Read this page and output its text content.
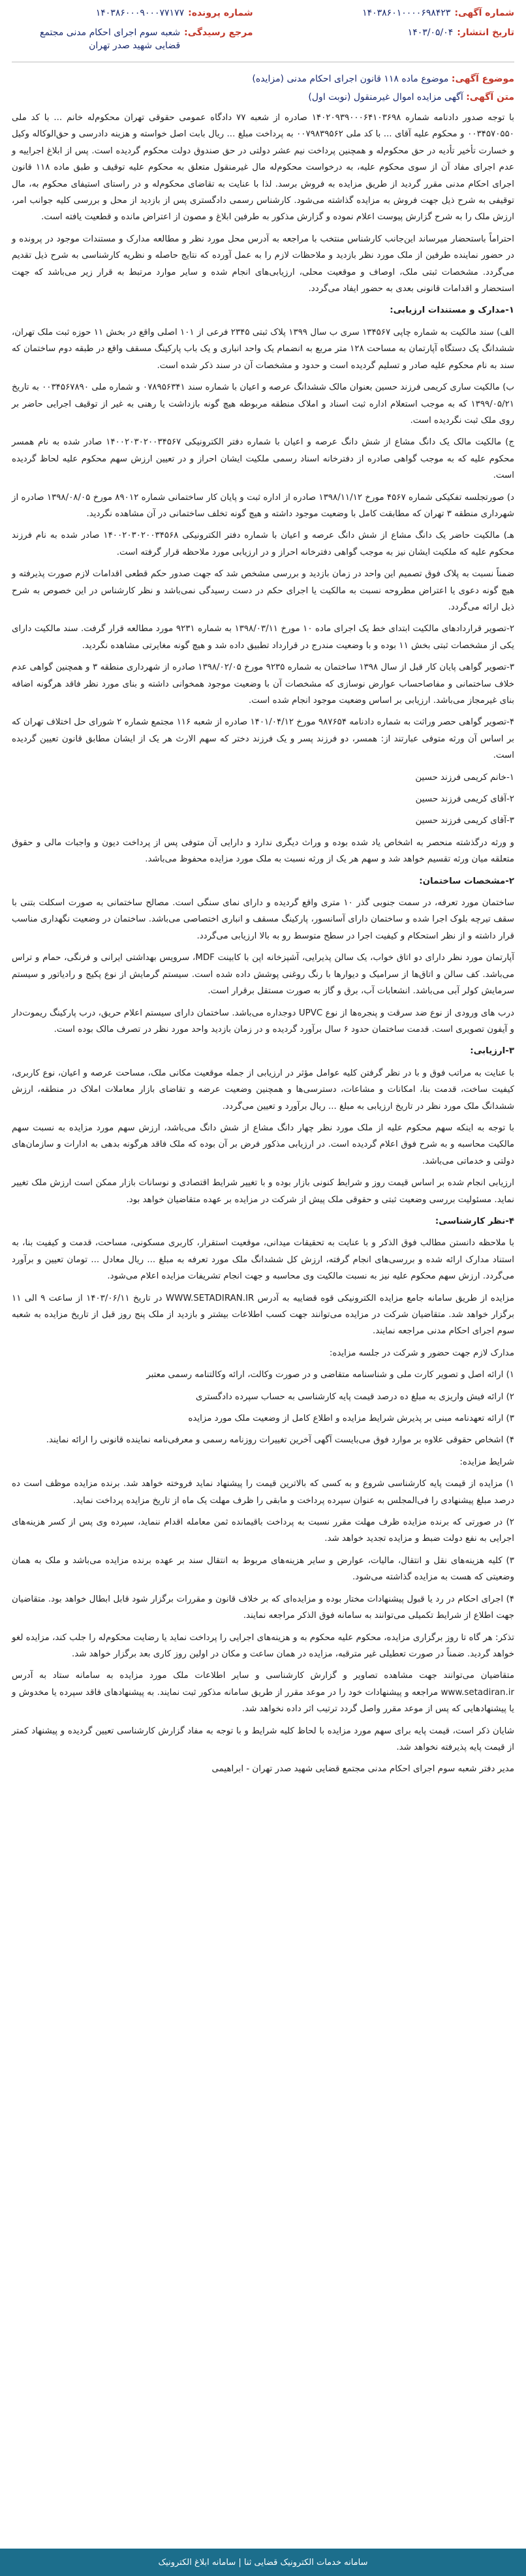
شماره آگهی:
۱۴۰۳۸۶۰۱۰۰۰۰۶۹۸۴۲۳
تاریخ انتشار:
۱۴۰۳/۰۵/۰۴
شماره پرونده:
۱۴۰۳۸۶۰۰۰۹۰۰۰۷۷۱۷۷
مرجع رسیدگی:
شعبه سوم اجرای احکام مدنی مجتمع قضایی شهید صدر تهران
موضوع آگهی: موضوع ماده ۱۱۸ قانون اجرای احکام مدنی (مزایده)
متن آگهی: آگهی مزایده اموال غیرمنقول (نوبت اول)

با توجه صدور دادنامه شماره ۱۴۰۲۰۹۳۹۰۰۰۶۴۱۰۳۶۹۸ صادره از شعبه ۷۷ دادگاه عمومی حقوقی تهران محکوم‌له خانم ... با کد ملی ۰۰۳۴۵۷۰۵۵۰ و محکوم علیه آقای ... با کد ملی ۰۰۷۹۸۳۹۵۶۲ به پرداخت مبلغ ... ریال بابت اصل خواسته و هزینه دادرسی و حق‌الوکاله وکیل و خسارت تأخیر تأدیه در حق محکوم‌له و همچنین پرداخت نیم عشر دولتی در حق صندوق دولت محکوم گردیده است. پس از ابلاغ اجراییه و عدم اجرای مفاد آن از سوی محکوم علیه، به درخواست محکوم‌له مال غیرمنقول متعلق به محکوم علیه توقیف و طبق ماده ۱۱۸ قانون اجرای احکام مدنی مقرر گردید از طریق مزایده به فروش برسد. لذا با عنایت به تقاضای محکوم‌له و در راستای استیفای محکوم به، مال توقیفی به شرح ذیل جهت فروش به مزایده گذاشته می‌شود. کارشناس رسمی دادگستری پس از بازدید از محل و بررسی کلیه جوانب امر، ارزش ملک را به شرح گزارش پیوست اعلام نموده و گزارش مذکور به طرفین ابلاغ و مصون از اعتراض مانده و قطعیت یافته است.

احتراماً باستحضار میرساند این‌جانب کارشناس منتخب با مراجعه به آدرس محل مورد نظر و مطالعه مدارک و مستندات موجود در پرونده و در حضور نماینده طرفین از ملک مورد نظر بازدید و ملاحظات لازم را به عمل آورده که نتایج حاصله و نظریه کارشناسی به شرح ذیل تقدیم می‌گردد. مشخصات ثبتی ملک، اوصاف و موقعیت محلی، ارزیابی‌های انجام شده و سایر موارد مرتبط به قرار زیر می‌باشد که جهت استحضار و اقدامات قانونی بعدی به حضور ایفاد می‌گردد.

۱-مدارک و مستندات ارزیابی:

الف) سند مالکیت به شماره چاپی ۱۳۴۵۶۷ سری ب سال ۱۳۹۹ پلاک ثبتی ۲۳۴۵ فرعی از ۱۰۱ اصلی واقع در بخش ۱۱ حوزه ثبت ملک تهران، ششدانگ یک دستگاه آپارتمان به مساحت ۱۲۸ متر مربع به انضمام یک واحد انباری و یک باب پارکینگ مسقف واقع در طبقه دوم ساختمان که سند به نام محکوم علیه صادر و تسلیم گردیده است و حدود و مشخصات آن در سند ذکر شده است.

ب) مالکیت ساری کریمی فرزند حسین بعنوان مالک ششدانگ عرصه و اعیان با شماره سند ۰۷۸۹۵۶۳۴۱ و شماره ملی ۰۰۳۴۵۶۷۸۹۰ به تاریخ ۱۳۹۹/۰۵/۲۱ که به موجب استعلام اداره ثبت اسناد و املاک منطقه مربوطه هیچ گونه بازداشت یا رهنی به غیر از توقیف اجرایی حاضر بر روی ملک ثبت نگردیده است.

ج) مالکیت مالک یک دانگ مشاع از شش دانگ عرصه و اعیان با شماره دفتر الکترونیکی ۱۴۰۰۲۰۳۰۲۰۰۳۴۵۶۷ صادر شده به نام همسر محکوم علیه که به موجب گواهی صادره از دفترخانه اسناد رسمی ملکیت ایشان احراز و در تعیین ارزش سهم محکوم علیه لحاظ گردیده است.

د) صورتجلسه تفکیکی شماره ۴۵۶۷ مورخ ۱۳۹۸/۱۱/۱۲ صادره از اداره ثبت و پایان کار ساختمانی شماره ۸۹۰۱۲ مورخ ۱۳۹۸/۰۸/۰۵ صادره از شهرداری منطقه ۳ تهران که مطابقت کامل با وضعیت موجود داشته و هیچ گونه تخلف ساختمانی در آن مشاهده نگردید.

هـ) مالکیت حاضر یک دانگ مشاع از شش دانگ عرصه و اعیان با شماره دفتر الکترونیکی ۱۴۰۰۲۰۳۰۲۰۰۳۴۵۶۸ صادر شده به نام فرزند محکوم علیه که ملکیت ایشان نیز به موجب گواهی دفترخانه احراز و در ارزیابی مورد ملاحظه قرار گرفته است.

ضمناً نسبت به پلاک فوق تصمیم این واحد در زمان بازدید و بررسی مشخص شد که جهت صدور حکم قطعی اقدامات لازم صورت پذیرفته و هیچ گونه دعوی یا اعتراض مطروحه نسبت به مالکیت یا اجرای حکم در دست رسیدگی نمی‌باشد و نظر کارشناس در این خصوص به شرح ذیل ارائه می‌گردد.

۲-تصویر قراردادهای مالکیت ابتدای خط یک اجرای ماده ۱۰ مورخ ۱۳۹۸/۰۳/۱۱ به شماره ۹۲۳۱ مورد مطالعه قرار گرفت. سند مالکیت دارای یکی از مشخصات ثبتی بخش ۱۱ بوده و با وضعیت مندرج در قرارداد تطبیق داده شد و هیچ گونه مغایرتی مشاهده نگردید.

۳-تصویر گواهی پایان کار قبل از سال ۱۳۹۸ ساختمان به شماره ۹۲۳۵ مورخ ۱۳۹۸/۰۲/۰۵ صادره از شهرداری منطقه ۳ و همچنین گواهی عدم خلاف ساختمانی و مفاصاحساب عوارض نوسازی که مشخصات آن با وضعیت موجود همخوانی داشته و بنای مورد نظر فاقد هرگونه اضافه بنای غیرمجاز می‌باشد. ارزیابی بر اساس وضعیت موجود انجام شده است.

۴-تصویر گواهی حصر وراثت به شماره دادنامه ۹۸۷۶۵۴ مورخ ۱۴۰۱/۰۴/۱۲ صادره از شعبه ۱۱۶ مجتمع شماره ۲ شورای حل اختلاف تهران که بر اساس آن ورثه متوفی عبارتند از: همسر، دو فرزند پسر و یک فرزند دختر که سهم الارث هر یک از ایشان مطابق قانون تعیین گردیده است.

۱-خانم کریمی فرزند حسین

۲-آقای کریمی فرزند حسین

۳-آقای کریمی فرزند حسین

و ورثه درگذشته منحصر به اشخاص یاد شده بوده و وراث دیگری ندارد و دارایی آن متوفی پس از پرداخت دیون و واجبات مالی و حقوق متعلقه میان ورثه تقسیم خواهد شد و سهم هر یک از ورثه نسبت به ملک مورد مزایده محفوظ می‌باشد.

۲-مشخصات ساختمان:

ساختمان مورد تعرفه، در سمت جنوبی گذر ۱۰ متری واقع گردیده و دارای نمای سنگی است. مصالح ساختمانی به صورت اسکلت بتنی با سقف تیرچه بلوک اجرا شده و ساختمان دارای آسانسور، پارکینگ مسقف و انباری اختصاصی می‌باشد. ساختمان در وضعیت نگهداری مناسب قرار داشته و از نظر استحکام و کیفیت اجرا در سطح متوسط رو به بالا ارزیابی می‌گردد.

آپارتمان مورد نظر دارای دو اتاق خواب، یک سالن پذیرایی، آشپزخانه اپن با کابینت MDF، سرویس بهداشتی ایرانی و فرنگی، حمام و تراس می‌باشد. کف سالن و اتاق‌ها از سرامیک و دیوارها با رنگ روغنی پوشش داده شده است. سیستم گرمایش از نوع پکیج و رادیاتور و سیستم سرمایش کولر آبی می‌باشد. انشعابات آب، برق و گاز به صورت مستقل برقرار است.

درب های ورودی از نوع ضد سرقت و پنجره‌ها از نوع UPVC دوجداره می‌باشد. ساختمان دارای سیستم اعلام حریق، درب پارکینگ ریموت‌دار و آیفون تصویری است. قدمت ساختمان حدود ۶ سال برآورد گردیده و در زمان بازدید واحد مورد نظر در تصرف مالک بوده است.

۳-ارزیابی:

با عنایت به مراتب فوق و با در نظر گرفتن کلیه عوامل مؤثر در ارزیابی از جمله موقعیت مکانی ملک، مساحت عرصه و اعیان، نوع کاربری، کیفیت ساخت، قدمت بنا، امکانات و مشاعات، دسترسی‌ها و همچنین وضعیت عرضه و تقاضای بازار معاملات املاک در منطقه، ارزش ششدانگ ملک مورد نظر در تاریخ ارزیابی به مبلغ ... ریال برآورد و تعیین می‌گردد.

با توجه به اینکه سهم محکوم علیه از ملک مورد نظر چهار دانگ مشاع از شش دانگ می‌باشد، ارزش سهم مورد مزایده به نسبت سهم مالکیت محاسبه و به شرح فوق اعلام گردیده است. در ارزیابی مذکور فرض بر آن بوده که ملک فاقد هرگونه بدهی به ادارات و سازمان‌های دولتی و خدماتی می‌باشد.

ارزیابی انجام شده بر اساس قیمت روز و شرایط کنونی بازار بوده و با تغییر شرایط اقتصادی و نوسانات بازار ممکن است ارزش ملک تغییر نماید. مسئولیت بررسی وضعیت ثبتی و حقوقی ملک پیش از شرکت در مزایده بر عهده متقاضیان خواهد بود.

۴-نظر کارشناسی:

با ملاحظه دانستن مطالب فوق الذکر و با عنایت به تحقیقات میدانی، موقعیت استقرار، کاربری مسکونی، مساحت، قدمت و کیفیت بنا، به استناد مدارک ارائه شده و بررسی‌های انجام گرفته، ارزش کل ششدانگ ملک مورد تعرفه به مبلغ ... ریال معادل ... تومان تعیین و برآورد می‌گردد. ارزش سهم محکوم علیه نیز به نسبت مالکیت وی محاسبه و جهت انجام تشریفات مزایده اعلام می‌شود.

مزایده از طریق سامانه جامع مزایده الکترونیکی قوه قضاییه به آدرس WWW.SETADIRAN.IR در تاریخ ۱۴۰۳/۰۶/۱۱ از ساعت ۹ الی ۱۱ برگزار خواهد شد. متقاضیان شرکت در مزایده می‌توانند جهت کسب اطلاعات بیشتر و بازدید از ملک پنج روز قبل از تاریخ مزایده به شعبه سوم اجرای احکام مدنی مراجعه نمایند.

مدارک لازم جهت حضور و شرکت در جلسه مزایده:

۱) ارائه اصل و تصویر کارت ملی و شناسنامه متقاضی و در صورت وکالت، ارائه وکالتنامه رسمی معتبر

۲) ارائه فیش واریزی به مبلغ ده درصد قیمت پایه کارشناسی به حساب سپرده دادگستری

۳) ارائه تعهدنامه مبنی بر پذیرش شرایط مزایده و اطلاع کامل از وضعیت ملک مورد مزایده

۴) اشخاص حقوقی علاوه بر موارد فوق می‌بایست آگهی آخرین تغییرات روزنامه رسمی و معرفی‌نامه نماینده قانونی را ارائه نمایند.

شرایط مزایده:

۱) مزایده از قیمت پایه کارشناسی شروع و به کسی که بالاترین قیمت را پیشنهاد نماید فروخته خواهد شد. برنده مزایده موظف است ده درصد مبلغ پیشنهادی را فی‌المجلس به عنوان سپرده پرداخت و مابقی را ظرف مهلت یک ماه از تاریخ مزایده پرداخت نماید.

۲) در صورتی که برنده مزایده ظرف مهلت مقرر نسبت به پرداخت باقیمانده ثمن معامله اقدام ننماید، سپرده وی پس از کسر هزینه‌های اجرایی به نفع دولت ضبط و مزایده تجدید خواهد شد.

۳) کلیه هزینه‌های نقل و انتقال، مالیات، عوارض و سایر هزینه‌های مربوط به انتقال سند بر عهده برنده مزایده می‌باشد و ملک به همان وضعیتی که هست به مزایده گذاشته می‌شود.

۴) اجرای احکام در رد یا قبول پیشنهادات مختار بوده و مزایده‌ای که بر خلاف قانون و مقررات برگزار شود قابل ابطال خواهد بود. متقاضیان جهت اطلاع از شرایط تکمیلی می‌توانند به سامانه فوق الذکر مراجعه نمایند.

تذکر: هر گاه تا روز برگزاری مزایده، محکوم علیه محکوم به و هزینه‌های اجرایی را پرداخت نماید یا رضایت محکوم‌له را جلب کند، مزایده لغو خواهد گردید. ضمناً در صورت تعطیلی غیر مترقبه، مزایده در همان ساعت و مکان در اولین روز کاری بعد برگزار خواهد شد.

متقاضیان می‌توانند جهت مشاهده تصاویر و گزارش کارشناسی و سایر اطلاعات ملک مورد مزایده به سامانه ستاد به آدرس www.setadiran.ir مراجعه و پیشنهادات خود را در موعد مقرر از طریق سامانه مذکور ثبت نمایند. به پیشنهادهای فاقد سپرده یا مخدوش و یا پیشنهادهایی که پس از موعد مقرر واصل گردد ترتیب اثر داده نخواهد شد.

شایان ذکر است، قیمت پایه برای سهم مورد مزایده با لحاظ کلیه شرایط و با توجه به مفاد گزارش کارشناسی تعیین گردیده و پیشنهاد کمتر از قیمت پایه پذیرفته نخواهد شد.

مدیر دفتر شعبه سوم اجرای احکام مدنی مجتمع قضایی شهید صدر تهران - ابراهیمی

سامانه خدمات الکترونیک قضایی ثنا | سامانه ابلاغ الکترونیک
